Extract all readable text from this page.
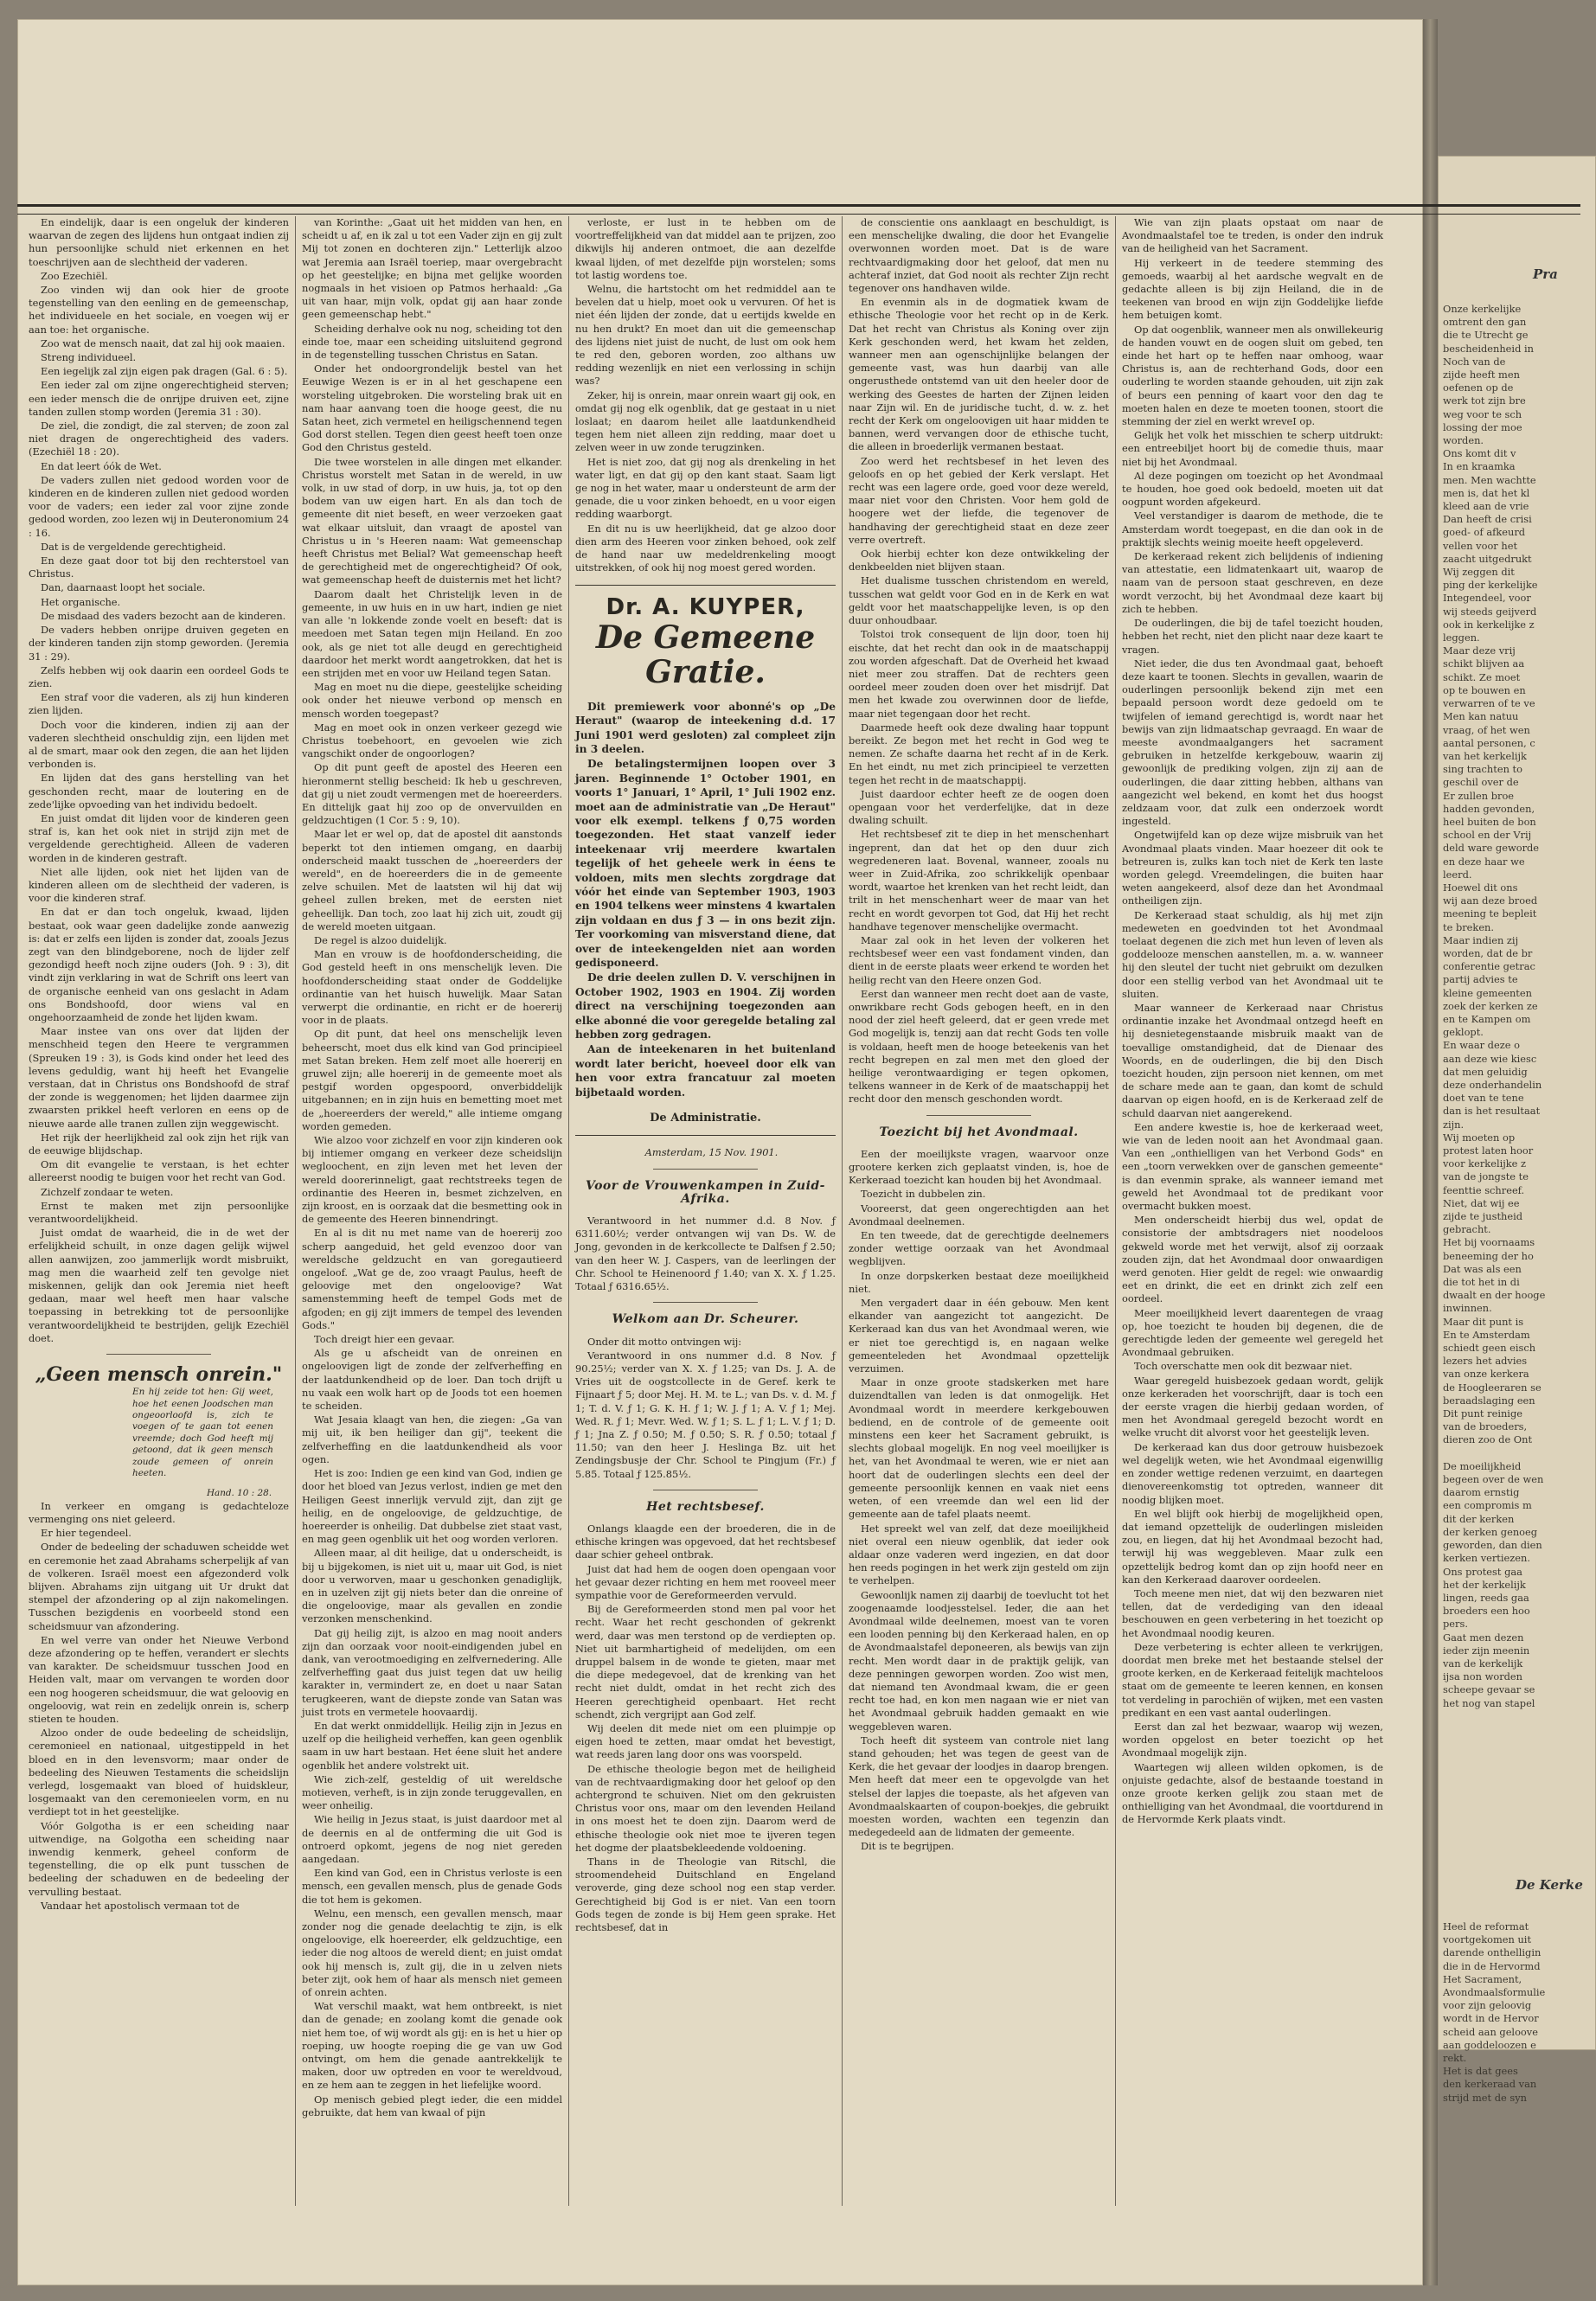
Pra

Onze kerkelijke

omtrent den gan

die te Utrecht ge

bescheidenheid in

Noch van de

zijde heeft men

oefenen op de

werk tot zijn bre

weg voor te sch

lossing der moe

worden.

Ons komt dit v

In en kraamka

men. Men wachtte

men is, dat het kl

kleed aan de vrie

Dan heeft de crisi

goed- of afkeurd

vellen voor het

zaacht uitgedrukt

Wij zeggen dit

ping der kerkelijke

Integendeel, voor

wij steeds geijverd

ook in kerkelijke z

leggen.

Maar deze vrij

schikt blijven aa

schikt. Ze moet

op te bouwen en

verwarren of te ve

Men kan natuu

vraag, of het wen

aantal personen, c

van het kerkelijk

sing trachten to

geschil over de

Er zullen broe

hadden gevonden,

heel buiten de bon

school en der Vrij

deld ware geworde

en deze haar we

leerd.

Hoewel dit ons

wij aan deze broed

meening te bepleit

te breken.

Maar indien zij

worden, dat de br

conferentie getrac

partij advies te

kleine gemeenten

zoek der kerken ze

en te Kampen om

geklopt.

En waar deze o

aan deze wie kiesc

dat men geluidig

deze onderhandelin

doet van te tene

dan is het resultaat

zijn.

Wij moeten op

protest laten hoor

voor kerkelijke z

van de jongste te

feenttie schreef.

Niet, dat wij ee

zijde te justheid

gebracht.

Het bij voornaams

beneeming der ho

Dat was als een

die tot het in di

dwaalt en der hooge

inwinnen.

Maar dit punt is

En te Amsterdam

schiedt geen eisch

lezers het advies

van onze kerkera

de Hoogleeraren se

beraadslaging een

Dit punt reinige

van de broeders,

dieren zoo de Ont

De moeilijkheid

begeen over de wen

daarom ernstig

een compromis m

dit der kerken

der kerken genoeg

geworden, dan dien

kerken vertiezen.

Ons protest gaa

het der kerkelijk

lingen, reeds gaa

broeders een hoo

pers.

Gaat men dezen

ieder zijn meenin

van de kerkelijk

ijsa non worden

scheepe gevaar se

het nog van stapel

De Kerke

Heel de reformat

voortgekomen uit

darende onthelligin

die in de Hervormd

Het Sacrament,

Avondmaalsformulie

voor zijn geloovig

wordt in de Hervor

scheid aan geloove

aan goddeloozen e

rekt.

Het is dat gees

den kerkeraad van

strijd met de syn

En eindelijk, daar is een ongeluk der kinderen waarvan de zegen des lijdens hun ontgaat indien zij hun persoonlijke schuld niet erkennen en het toeschrijven aan de slechtheid der vaderen.

Zoo Ezechiël.

Zoo vinden wij dan ook hier de groote tegenstelling van den eenling en de gemeenschap, het individueele en het sociale, en voegen wij er aan toe: het organische.

Zoo wat de mensch naait, dat zal hij ook maaien.

Streng individueel.

Een iegelijk zal zijn eigen pak dragen (Gal. 6 : 5).

Een ieder zal om zijne ongerechtigheid sterven; een ieder mensch die de onrijpe druiven eet, zijne tanden zullen stomp worden (Jeremia 31 : 30).

De ziel, die zondigt, die zal sterven; de zoon zal niet dragen de ongerechtigheid des vaders. (Ezechiël 18 : 20).

En dat leert óók de Wet.

De vaders zullen niet gedood worden voor de kinderen en de kinderen zullen niet gedood worden voor de vaders; een ieder zal voor zijne zonde gedood worden, zoo lezen wij in Deuteronomium 24 : 16.

Dat is de vergeldende gerechtigheid.

En deze gaat door tot bij den rechterstoel van Christus.

Dan, daarnaast loopt het sociale.

Het organische.

De misdaad des vaders bezocht aan de kinderen.

De vaders hebben onrijpe druiven gegeten en der kinderen tanden zijn stomp geworden. (Jeremia 31 : 29).

Zelfs hebben wij ook daarin een oordeel Gods te zien.

Een straf voor die vaderen, als zij hun kinderen zien lijden.

Doch voor die kinderen, indien zij aan der vaderen slechtheid onschuldig zijn, een lijden met al de smart, maar ook den zegen, die aan het lijden verbonden is.

En lijden dat des gans herstelling van het geschonden recht, maar de loutering en de zede'lijke opvoeding van het individu bedoelt.

En juist omdat dit lijden voor de kinderen geen straf is, kan het ook niet in strijd zijn met de vergeldende gerechtigheid. Alleen de vaderen worden in de kinderen gestraft.

Niet alle lijden, ook niet het lijden van de kinderen alleen om de slechtheid der vaderen, is voor die kinderen straf.

En dat er dan toch ongeluk, kwaad, lijden bestaat, ook waar geen dadelijke zonde aanwezig is: dat er zelfs een lijden is zonder dat, zooals Jezus zegt van den blindgeborene, noch de lijder zelf gezondigd heeft noch zijne ouders (Joh. 9 : 3), dit vindt zijn verklaring in wat de Schrift ons leert van de organische eenheid van ons geslacht in Adam ons Bondshoofd, door wiens val en ongehoorzaamheid de zonde het lijden kwam.

Maar instee van ons over dat lijden der menschheid tegen den Heere te vergrammen (Spreuken 19 : 3), is Gods kind onder het leed des levens geduldig, want hij heeft het Evangelie verstaan, dat in Christus ons Bondshoofd de straf der zonde is weggenomen; het lijden daarmee zijn zwaarsten prikkel heeft verloren en eens op de nieuwe aarde alle tranen zullen zijn weggewischt.

Het rijk der heerlijkheid zal ook zijn het rijk van de eeuwige blijdschap.

Om dit evangelie te verstaan, is het echter allereerst noodig te buigen voor het recht van God.

Zichzelf zondaar te weten.

Ernst te maken met zijn persoonlijke verantwoordelijkheid.

Juist omdat de waarheid, die in de wet der erfelijkheid schuilt, in onze dagen gelijk wijwel allen aanwijzen, zoo jammerlijk wordt misbruikt, mag men die waarheid zelf ten gevolge niet miskennen, gelijk dan ook Jeremia niet heeft gedaan, maar wel heeft men haar valsche toepassing in betrekking tot de persoonlijke verantwoordelijkheid te bestrijden, gelijk Ezechiël doet.

„Geen mensch onrein."
En hij zeide tot hen: Gij weet, hoe het eenen Joodschen man ongeoorloofd is, zich te voegen of te gaan tot eenen vreemde; doch God heeft mij getoond, dat ik geen mensch zoude gemeen of onrein heeten.
Hand. 10 : 28.

In verkeer en omgang is gedachteloze vermenging ons niet geleerd.

Er hier tegendeel.

Onder de bedeeling der schaduwen scheidde wet en ceremonie het zaad Abrahams scherpelijk af van de volkeren. Israël moest een afgezonderd volk blijven. Abrahams zijn uitgang uit Ur drukt dat stempel der afzondering op al zijn nakomelingen. Tusschen bezigdenis en voorbeeld stond een scheidsmuur van afzondering.

En wel verre van onder het Nieuwe Verbond deze afzondering op te heffen, verandert er slechts van karakter. De scheidsmuur tusschen Jood en Heiden valt, maar om vervangen te worden door een nog hoogeren scheidsmuur, die wat geloovig en ongeloovig, wat rein en zedelijk onrein is, scherp stieten te houden.

Alzoo onder de oude bedeeling de scheidslijn, ceremonieel en nationaal, uitgestippeld in het bloed en in den levensvorm; maar onder de bedeeling des Nieuwen Testaments die scheidslijn verlegd, losgemaakt van bloed of huidskleur, losgemaakt van den ceremonieelen vorm, en nu verdiept tot in het geestelijke.

Vóór Golgotha is er een scheiding naar uitwendige, na Golgotha een scheiding naar inwendig kenmerk, geheel conform de tegenstelling, die op elk punt tusschen de bedeeling der schaduwen en de bedeeling der vervulling bestaat.

Vandaar het apostolisch vermaan tot de

van Korinthe: „Gaat uit het midden van hen, en scheidt u af, en ik zal u tot een Vader zijn en gij zult Mij tot zonen en dochteren zijn." Letterlijk alzoo wat Jeremia aan Israël toeriep, maar overgebracht op het geestelijke; en bijna met gelijke woorden nogmaals in het visioen op Patmos herhaald: „Ga uit van haar, mijn volk, opdat gij aan haar zonde geen gemeenschap hebt."

Scheiding derhalve ook nu nog, scheiding tot den einde toe, maar een scheiding uitsluitend gegrond in de tegenstelling tusschen Christus en Satan.

Onder het ondoorgrondelijk bestel van het Eeuwige Wezen is er in al het geschapene een worsteling uitgebroken. Die worsteling brak uit en nam haar aanvang toen die hooge geest, die nu Satan heet, zich vermetel en heiligschennend tegen God dorst stellen. Tegen dien geest heeft toen onze God den Christus gesteld.

Die twee worstelen in alle dingen met elkander. Christus worstelt met Satan in de wereld, in uw volk, in uw stad of dorp, in uw huis, ja, tot op den bodem van uw eigen hart. En als dan toch de gemeente dit niet beseft, en weer verzoeken gaat wat elkaar uitsluit, dan vraagt de apostel van Christus u in 's Heeren naam: Wat gemeenschap heeft Christus met Belial? Wat gemeenschap heeft de gerechtigheid met de ongerechtigheid? Of ook, wat gemeenschap heeft de duisternis met het licht?

Daarom daalt het Christelijk leven in de gemeente, in uw huis en in uw hart, indien ge niet van alle 'n lokkende zonde voelt en beseft: dat is meedoen met Satan tegen mijn Heiland. En zoo ook, als ge niet tot alle deugd en gerechtigheid daardoor het merkt wordt aangetrokken, dat het is een strijden met en voor uw Heiland tegen Satan.

Mag en moet nu die diepe, geestelijke scheiding ook onder het nieuwe verbond op mensch en mensch worden toegepast?

Mag en moet ook in onzen verkeer gezegd wie Christus toebehoort, en gevoelen wie zich vangschikt onder de ongoorlogen?

Op dit punt geeft de apostel des Heeren een hieronmernt stellig bescheid: Ik heb u geschreven, dat gij u niet zoudt vermengen met de hoereerders. En dittelijk gaat hij zoo op de onvervuilden en geldzuchtigen (1 Cor. 5 : 9, 10).

Maar let er wel op, dat de apostel dit aanstonds beperkt tot den intiemen omgang, en daarbij onderscheid maakt tusschen de „hoereerders der wereld", en de hoereerders die in de gemeente zelve schuilen. Met de laatsten wil hij dat wij geheel zullen breken, met de eersten niet geheellijk. Dan toch, zoo laat hij zich uit, zoudt gij de wereld moeten uitgaan.

De regel is alzoo duidelijk.

Man en vrouw is de hoofdonderscheiding, die God gesteld heeft in ons menschelijk leven. Die hoofdonderscheiding staat onder de Goddelijke ordinantie van het huisch huwelijk. Maar Satan verwerpt die ordinantie, en richt er de hoererij voor in de plaats.

Op dit punt, dat heel ons menschelijk leven beheerscht, moet dus elk kind van God principieel met Satan breken. Hem zelf moet alle hoererij en gruwel zijn; alle hoererij in de gemeente moet als pestgif worden opgespoord, onverbiddelijk uitgebannen; en in zijn huis en bemetting moet met de „hoereerders der wereld," alle intieme omgang worden gemeden.

Wie alzoo voor zichzelf en voor zijn kinderen ook bij intiemer omgang en verkeer deze scheidslijn wegloochent, en zijn leven met het leven der wereld doorerinneligt, gaat rechtstreeks tegen de ordinantie des Heeren in, besmet zichzelven, en zijn kroost, en is oorzaak dat die besmetting ook in de gemeente des Heeren binnendringt.

En al is dit nu met name van de hoererij zoo scherp aangeduid, het geld evenzoo door van wereldsche geldzucht en van goregautieerd ongeloof. „Wat ge de, zoo vraagt Paulus, heeft de geloovige met den ongeloovige? Wat samenstemming heeft de tempel Gods met de afgoden; en gij zijt immers de tempel des levenden Gods."

Toch dreigt hier een gevaar.

Als ge u afscheidt van de onreinen en ongeloovigen ligt de zonde der zelfverheffing en der laatdunkendheid op de loer. Dan toch drijft u nu vaak een wolk hart op de Joods tot een hoemen te scheiden.

Wat Jesaia klaagt van hen, die ziegen: „Ga van mij uit, ik ben heiliger dan gij", teekent die zelfverheffing en die laatdunkendheid als voor ogen.

Het is zoo: Indien ge een kind van God, indien ge door het bloed van Jezus verlost, indien ge met den Heiligen Geest innerlijk vervuld zijt, dan zijt ge heilig, en de ongeloovige, de geldzuchtige, de hoereerder is onheilig. Dat dubbelse ziet staat vast, en mag geen ogenblik uit het oog worden verloren.

Alleen maar, al dit heilige, dat u onderscheidt, is bij u bijgekomen, is niet uit u, maar uit God, is niet door u verworven, maar u geschonken genadiglijk, en in uzelven zijt gij niets beter dan die onreine of die ongeloovige, maar als gevallen en zondie verzonken menschenkind.

Dat gij heilig zijt, is alzoo en mag nooit anders zijn dan oorzaak voor nooit-eindigenden jubel en dank, van verootmoediging en zelfvernedering. Alle zelfverheffing gaat dus juist tegen dat uw heilig karakter in, vermindert ze, en doet u naar Satan terugkeeren, want de diepste zonde van Satan was juist trots en vermetele hoovaardij.

En dat werkt onmiddellijk. Heilig zijn in Jezus en uzelf op die heiligheid verheffen, kan geen ogenblik saam in uw hart bestaan. Het éene sluit het andere ogenblik het andere volstrekt uit.

Wie zich-zelf, gesteldig of uit wereldsche motieven, verheft, is in zijn zonde teruggevallen, en weer onheilig.

Wie heilig in Jezus staat, is juist daardoor met al de deernis en al de ontferming die uit God is ontroerd opkomt, jegens de nog niet gereden aangedaan.

Een kind van God, een in Christus verloste is een mensch, een gevallen mensch, plus de genade Gods die tot hem is gekomen.

Welnu, een mensch, een gevallen mensch, maar zonder nog die genade deelachtig te zijn, is elk ongeloovige, elk hoereerder, elk geldzuchtige, een ieder die nog altoos de wereld dient; en juist omdat ook hij mensch is, zult gij, die in u zelven niets beter zijt, ook hem of haar als mensch niet gemeen of onrein achten.

Wat verschil maakt, wat hem ontbreekt, is niet dan de genade; en zoolang komt die genade ook niet hem toe, of wij wordt als gij: en is het u hier op roeping, uw hoogte roeping die ge van uw God ontvingt, om hem die genade aantrekkelijk te maken, door uw optreden en voor te wereldvoud, en ze hem aan te zeggen in het liefelijke woord.

Op menisch gebied plegt ieder, die een middel gebruikte, dat hem van kwaal of pijn

verloste, er lust in te hebben om de voortreffelijkheid van dat middel aan te prijzen, zoo dikwijls hij anderen ontmoet, die aan dezelfde kwaal lijden, of met dezelfde pijn worstelen; soms tot lastig wordens toe.

Welnu, die hartstocht om het redmiddel aan te bevelen dat u hielp, moet ook u vervuren. Of het is niet één lijden der zonde, dat u eertijds kwelde en nu hen drukt? En moet dan uit die gemeenschap des lijdens niet juist de nucht, de lust om ook hem te red den, geboren worden, zoo althans uw redding wezenlijk en niet een verlossing in schijn was?

Zeker, hij is onrein, maar onrein waart gij ook, en omdat gij nog elk ogenblik, dat ge gestaat in u niet loslaat; en daarom heilet alle laatdunkendheid tegen hem niet alleen zijn redding, maar doet u zelven weer in uw zonde terugzinken.

Het is niet zoo, dat gij nog als drenkeling in het water ligt, en dat gij op den kant staat. Saam ligt ge nog in het water, maar u ondersteunt de arm der genade, die u voor zinken behoedt, en u voor eigen redding waarborgt.

En dit nu is uw heerlijkheid, dat ge alzoo door dien arm des Heeren voor zinken behoed, ook zelf de hand naar uw medeldrenkeling moogt uitstrekken, of ook hij nog moest gered worden.

Dr. A. KUYPER,
De Gemeene Gratie.

Dit premiewerk voor abonné's op „De Heraut" (waarop de inteekening d.d. 17 Juni 1901 werd gesloten) zal compleet zijn in 3 deelen.

De betalingstermijnen loopen over 3 jaren. Beginnende 1° October 1901, en voorts 1° Januari, 1° April, 1° Juli 1902 enz. moet aan de administratie van „De Heraut" voor elk exempl. telkens ƒ 0,75 worden toegezonden. Het staat vanzelf ieder inteekenaar vrij meerdere kwartalen tegelijk of het geheele werk in éens te voldoen, mits men slechts zorgdrage dat vóór het einde van September 1903, 1903 en 1904 telkens weer minstens 4 kwartalen zijn voldaan en dus ƒ 3 — in ons bezit zijn. Ter voorkoming van misverstand diene, dat over de inteekengelden niet aan worden gedisponeerd.

De drie deelen zullen D. V. verschijnen in October 1902, 1903 en 1904. Zij worden direct na verschijning toegezonden aan elke abonné die voor geregelde betaling zal hebben zorg gedragen.

Aan de inteekenaren in het buitenland wordt later bericht, hoeveel door elk van hen voor extra francatuur zal moeten bijbetaald worden.

De Administratie.

Amsterdam, 15 Nov. 1901.

Voor de Vrouwenkampen in Zuid-Afrika.

Verantwoord in het nummer d.d. 8 Nov. ƒ 6311.60½; verder ontvangen wij van Ds. W. de Jong, gevonden in de kerkcollecte te Dalfsen ƒ 2.50; van den heer W. J. Caspers, van de leerlingen der Chr. School te Heinenoord ƒ 1.40; van X. X. ƒ 1.25. Totaal ƒ 6316.65½.

Welkom aan Dr. Scheurer.

Onder dit motto ontvingen wij:

Verantwoord in ons nummer d.d. 8 Nov. ƒ 90.25½; verder van X. X. ƒ 1.25; van Ds. J. A. de Vries uit de oogstcollecte in de Geref. kerk te Fijnaart ƒ 5; door Mej. H. M. te L.; van Ds. v. d. M. ƒ 1; T. d. V. ƒ 1; G. K. H. ƒ 1; W. J. ƒ 1; A. V. ƒ 1; Mej. Wed. R. ƒ 1; Mevr. Wed. W. ƒ 1; S. L. ƒ 1; L. V. ƒ 1; D. ƒ 1; Jna Z. ƒ 0.50; M. ƒ 0.50; S. R. ƒ 0.50; totaal ƒ 11.50; van den heer J. Heslinga Bz. uit het Zendingsbusje der Chr. School te Pingjum (Fr.) ƒ 5.85. Totaal ƒ 125.85½.

Het rechtsbesef.

Onlangs klaagde een der broederen, die in de ethische kringen was opgevoed, dat het rechtsbesef daar schier geheel ontbrak.

Juist dat had hem de oogen doen opengaan voor het gevaar dezer richting en hem met rooveel meer sympathie voor de Gereformeerden vervuld.

Bij de Gereformeerden stond men pal voor het recht. Waar het recht geschonden of gekrenkt werd, daar was men terstond op de verdiepten op. Niet uit barmhartigheid of medelijden, om een druppel balsem in de wonde te gieten, maar met die diepe medegevoel, dat de krenking van het recht niet duldt, omdat in het recht zich des Heeren gerechtigheid openbaart. Het recht schendt, zich vergrijpt aan God zelf.

Wij deelen dit mede niet om een pluimpje op eigen hoed te zetten, maar omdat het bevestigt, wat reeds jaren lang door ons was voorspeld.

De ethische theologie begon met de heiligheid van de rechtvaardigmaking door het geloof op den achtergrond te schuiven. Niet om den gekruisten Christus voor ons, maar om den levenden Heiland in ons moest het te doen zijn. Daarom werd de ethische theologie ook niet moe te ijveren tegen het dogme der plaatsbekleedende voldoening.

Thans in de Theologie van Ritschl, die stroomendeheid Duitschland en Engeland veroverde, ging deze school nog een stap verder. Gerechtigheid bij God is er niet. Van een toorn Gods tegen de zonde is bij Hem geen sprake. Het rechtsbesef, dat in

de conscientie ons aanklaagt en beschuldigt, is een menschelijke dwaling, die door het Evangelie overwonnen worden moet. Dat is de ware rechtvaardigmaking door het geloof, dat men nu achteraf inziet, dat God nooit als rechter Zijn recht tegenover ons handhaven wilde.

En evenmin als in de dogmatiek kwam de ethische Theologie voor het recht op in de Kerk. Dat het recht van Christus als Koning over zijn Kerk geschonden werd, het kwam het zelden, wanneer men aan ogenschijnlijke belangen der gemeente vast, was hun daarbij van alle ongerusthede ontstemd van uit den heeler door de werking des Geestes de harten der Zijnen leiden naar Zijn wil. En de juridische tucht, d. w. z. het recht der Kerk om ongeloovigen uit haar midden te bannen, werd vervangen door de ethische tucht, die alleen in broederlijk vermanen bestaat.

Zoo werd het rechtsbesef in het leven des geloofs en op het gebied der Kerk verslapt. Het recht was een lagere orde, goed voor deze wereld, maar niet voor den Christen. Voor hem gold de hoogere wet der liefde, die tegenover de handhaving der gerechtigheid staat en deze zeer verre overtreft.

Ook hierbij echter kon deze ontwikkeling der denkbeelden niet blijven staan.

Het dualisme tusschen christendom en wereld, tusschen wat geldt voor God en in de Kerk en wat geldt voor het maatschappelijke leven, is op den duur onhoudbaar.

Tolstoi trok consequent de lijn door, toen hij eischte, dat het recht dan ook in de maatschappij zou worden afgeschaft. Dat de Overheid het kwaad niet meer zou straffen. Dat de rechters geen oordeel meer zouden doen over het misdrijf. Dat men het kwade zou overwinnen door de liefde, maar niet tegengaan door het recht.

Daarmede heeft ook deze dwaling haar toppunt bereikt. Ze begon met het recht in God weg te nemen. Ze schafte daarna het recht af in de Kerk. En het eindt, nu met zich principieel te verzetten tegen het recht in de maatschappij.

Juist daardoor echter heeft ze de oogen doen opengaan voor het verderfelijke, dat in deze dwaling schuilt.

Het rechtsbesef zit te diep in het menschenhart ingeprent, dan dat het op den duur zich wegredeneren laat. Bovenal, wanneer, zooals nu weer in Zuid-Afrika, zoo schrikkelijk openbaar wordt, waartoe het krenken van het recht leidt, dan trilt in het menschenhart weer de maar van het recht en wordt gevorpen tot God, dat Hij het recht handhave tegenover menschelijke overmacht.

Maar zal ook in het leven der volkeren het rechtsbesef weer een vast fondament vinden, dan dient in de eerste plaats weer erkend te worden het heilig recht van den Heere onzen God.

Eerst dan wanneer men recht doet aan de vaste, onwrikbare recht Gods gebogen heeft, en in den nood der ziel heeft geleerd, dat er geen vrede met God mogelijk is, tenzij aan dat recht Gods ten volle is voldaan, heeft men de hooge beteekenis van het recht begrepen en zal men met den gloed der heilige verontwaardiging er tegen opkomen, telkens wanneer in de Kerk of de maatschappij het recht door den mensch geschonden wordt.

Toezicht bij het Avondmaal.

Een der moeilijkste vragen, waarvoor onze grootere kerken zich geplaatst vinden, is, hoe de Kerkeraad toezicht kan houden bij het Avondmaal.

Toezicht in dubbelen zin.

Vooreerst, dat geen ongerechtigden aan het Avondmaal deelnemen.

En ten tweede, dat de gerechtigde deelnemers zonder wettige oorzaak van het Avondmaal wegblijven.

In onze dorpskerken bestaat deze moeilijkheid niet.

Men vergadert daar in één gebouw. Men kent elkander van aangezicht tot aangezicht. De Kerkeraad kan dus van het Avondmaal weren, wie er niet toe gerechtigd is, en nagaan welke gemeenteleden het Avondmaal opzettelijk verzuimen.

Maar in onze groote stadskerken met hare duizendtallen van leden is dat onmogelijk. Het Avondmaal wordt in meerdere kerkgebouwen bediend, en de controle of de gemeente ooit minstens een keer het Sacrament gebruikt, is slechts globaal mogelijk. En nog veel moeilijker is het, van het Avondmaal te weren, wie er niet aan hoort dat de ouderlingen slechts een deel der gemeente persoonlijk kennen en vaak niet eens weten, of een vreemde dan wel een lid der gemeente aan de tafel plaats neemt.

Het spreekt wel van zelf, dat deze moeilijkheid niet overal een nieuw ogenblik, dat ieder ook aldaar onze vaderen werd ingezien, en dat door hen reeds pogingen in het werk zijn gesteld om zijn te verhelpen.

Gewoonlijk namen zij daarbij de toevlucht tot het zoogenaamde loodjesstelsel. Ieder, die aan het Avondmaal wilde deelnemen, moest van te voren een looden penning bij den Kerkeraad halen, en op de Avondmaalstafel deponeeren, als bewijs van zijn recht. Men wordt daar in de praktijk gelijk, van deze penningen geworpen worden. Zoo wist men, dat niemand ten Avondmaal kwam, die er geen recht toe had, en kon men nagaan wie er niet van het Avondmaal gebruik hadden gemaakt en wie weggebleven waren.

Toch heeft dit systeem van controle niet lang stand gehouden; het was tegen de geest van de Kerk, die het gevaar der loodjes in daarop brengen. Men heeft dat meer een te opgevolgde van het stelsel der lapjes die toepaste, als het afgeven van Avondmaalskaarten of coupon-boekjes, die gebruikt moesten worden, wachten een tegenzin dan medegedeeld aan de lidmaten der gemeente.

Dit is te begrijpen.

Wie van zijn plaats opstaat om naar de Avondmaalstafel toe te treden, is onder den indruk van de heiligheid van het Sacrament.

Hij verkeert in de teedere stemming des gemoeds, waarbij al het aardsche wegvalt en de gedachte alleen is bij zijn Heiland, die in de teekenen van brood en wijn zijn Goddelijke liefde hem betuigen komt.

Op dat oogenblik, wanneer men als onwillekeurig de handen vouwt en de oogen sluit om gebed, ten einde het hart op te heffen naar omhoog, waar Christus is, aan de rechterhand Gods, door een ouderling te worden staande gehouden, uit zijn zak of beurs een penning of kaart voor den dag te moeten halen en deze te moeten toonen, stoort die stemming der ziel en werkt wreveI op.

Gelijk het volk het misschien te scherp uitdrukt: een entreebiljet hoort bij de comedie thuis, maar niet bij het Avondmaal.

Al deze pogingen om toezicht op het Avondmaal te houden, hoe goed ook bedoeld, moeten uit dat oogpunt worden afgekeurd.

Veel verstandiger is daarom de methode, die te Amsterdam wordt toegepast, en die dan ook in de praktijk slechts weinig moeite heeft opgeleverd.

De kerkeraad rekent zich belijdenis of indiening van attestatie, een lidmatenkaart uit, waarop de naam van de persoon staat geschreven, en deze wordt verzocht, bij het Avondmaal deze kaart bij zich te hebben.

De ouderlingen, die bij de tafel toezicht houden, hebben het recht, niet den plicht naar deze kaart te vragen.

Niet ieder, die dus ten Avondmaal gaat, behoeft deze kaart te toonen. Slechts in gevallen, waarin de ouderlingen persoonlijk bekend zijn met een bepaald persoon wordt deze gedoeld om te twijfelen of iemand gerechtigd is, wordt naar het bewijs van zijn lidmaatschap gevraagd. En waar de meeste avondmaalgangers het sacrament gebruiken in hetzelfde kerkgebouw, waarin zij gewoonlijk de prediking volgen, zijn zij aan de ouderlingen, die daar zitting hebben, althans van aangezicht wel bekend, en komt het dus hoogst zeldzaam voor, dat zulk een onderzoek wordt ingesteld.

Ongetwijfeld kan op deze wijze misbruik van het Avondmaal plaats vinden. Maar hoezeer dit ook te betreuren is, zulks kan toch niet de Kerk ten laste worden gelegd. Vreemdelingen, die buiten haar weten aangekeerd, alsof deze dan het Avondmaal ontheiligen zijn.

De Kerkeraad staat schuldig, als hij met zijn medeweten en goedvinden tot het Avondmaal toelaat degenen die zich met hun leven of leven als goddelooze menschen aanstellen, m. a. w. wanneer hij den sleutel der tucht niet gebruikt om dezulken door een stellig verbod van het Avondmaal uit te sluiten.

Maar wanneer de Kerkeraad naar Christus ordinantie inzake het Avondmaal ontzegd heeft en hij desnietegenstaande misbruik maakt van de toevallige omstandigheid, dat de Dienaar des Woords, en de ouderlingen, die bij den Disch toezicht houden, zijn persoon niet kennen, om met de schare mede aan te gaan, dan komt de schuld daarvan op eigen hoofd, en is de Kerkeraad zelf de schuld daarvan niet aangerekend.

Een andere kwestie is, hoe de kerkeraad weet, wie van de leden nooit aan het Avondmaal gaan. Van een „onthielligen van het Verbond Gods" en een „toorn verwekken over de ganschen gemeente" is dan evenmin sprake, als wanneer iemand met geweld het Avondmaal tot de predikant voor overmacht bukken moest.

Men onderscheidt hierbij dus wel, opdat de consistorie der ambtsdragers niet noodeloos gekweld worde met het verwijt, alsof zij oorzaak zouden zijn, dat het Avondmaal door onwaardigen werd genoten. Hier geldt de regel: wie onwaardig eet en drinkt, die eet en drinkt zich zelf een oordeel.

Meer moeilijkheid levert daarentegen de vraag op, hoe toezicht te houden bij degenen, die de gerechtigde leden der gemeente wel geregeld het Avondmaal gebruiken.

Toch overschatte men ook dit bezwaar niet.

Waar geregeld huisbezoek gedaan wordt, gelijk onze kerkeraden het voorschrijft, daar is toch een der eerste vragen die hierbij gedaan worden, of men het Avondmaal geregeld bezocht wordt en welke vrucht dit alvorst voor het geestelijk leven.

De kerkeraad kan dus door getrouw huisbezoek wel degelijk weten, wie het Avondmaal eigenwillig en zonder wettige redenen verzuimt, en daartegen dienovereenkomstig tot optreden, wanneer dit noodig blijken moet.

En wel blijft ook hierbij de mogelijkheid open, dat iemand opzettelijk de ouderlingen misleiden zou, en liegen, dat hij het Avondmaal bezocht had, terwijl hij was weggebleven. Maar zulk een opzettelijk bedrog komt dan op zijn hoofd neer en kan den Kerkeraad daarover oordeelen.

Toch meene men niet, dat wij den bezwaren niet tellen, dat de verdediging van den ideaal beschouwen en geen verbetering in het toezicht op het Avondmaal noodig keuren.

Deze verbetering is echter alleen te verkrijgen, doordat men breke met het bestaande stelsel der groote kerken, en de Kerkeraad feitelijk machteloos staat om de gemeente te leeren kennen, en konsen tot verdeling in parochiën of wijken, met een vasten predikant en een vast aantal ouderlingen.

Eerst dan zal het bezwaar, waarop wij wezen, worden opgelost en beter toezicht op het Avondmaal mogelijk zijn.

Waartegen wij alleen wilden opkomen, is de onjuiste gedachte, alsof de bestaande toestand in onze groote kerken gelijk zou staan met de onthielliging van het Avondmaal, die voortdurend in de Hervormde Kerk plaats vindt.
